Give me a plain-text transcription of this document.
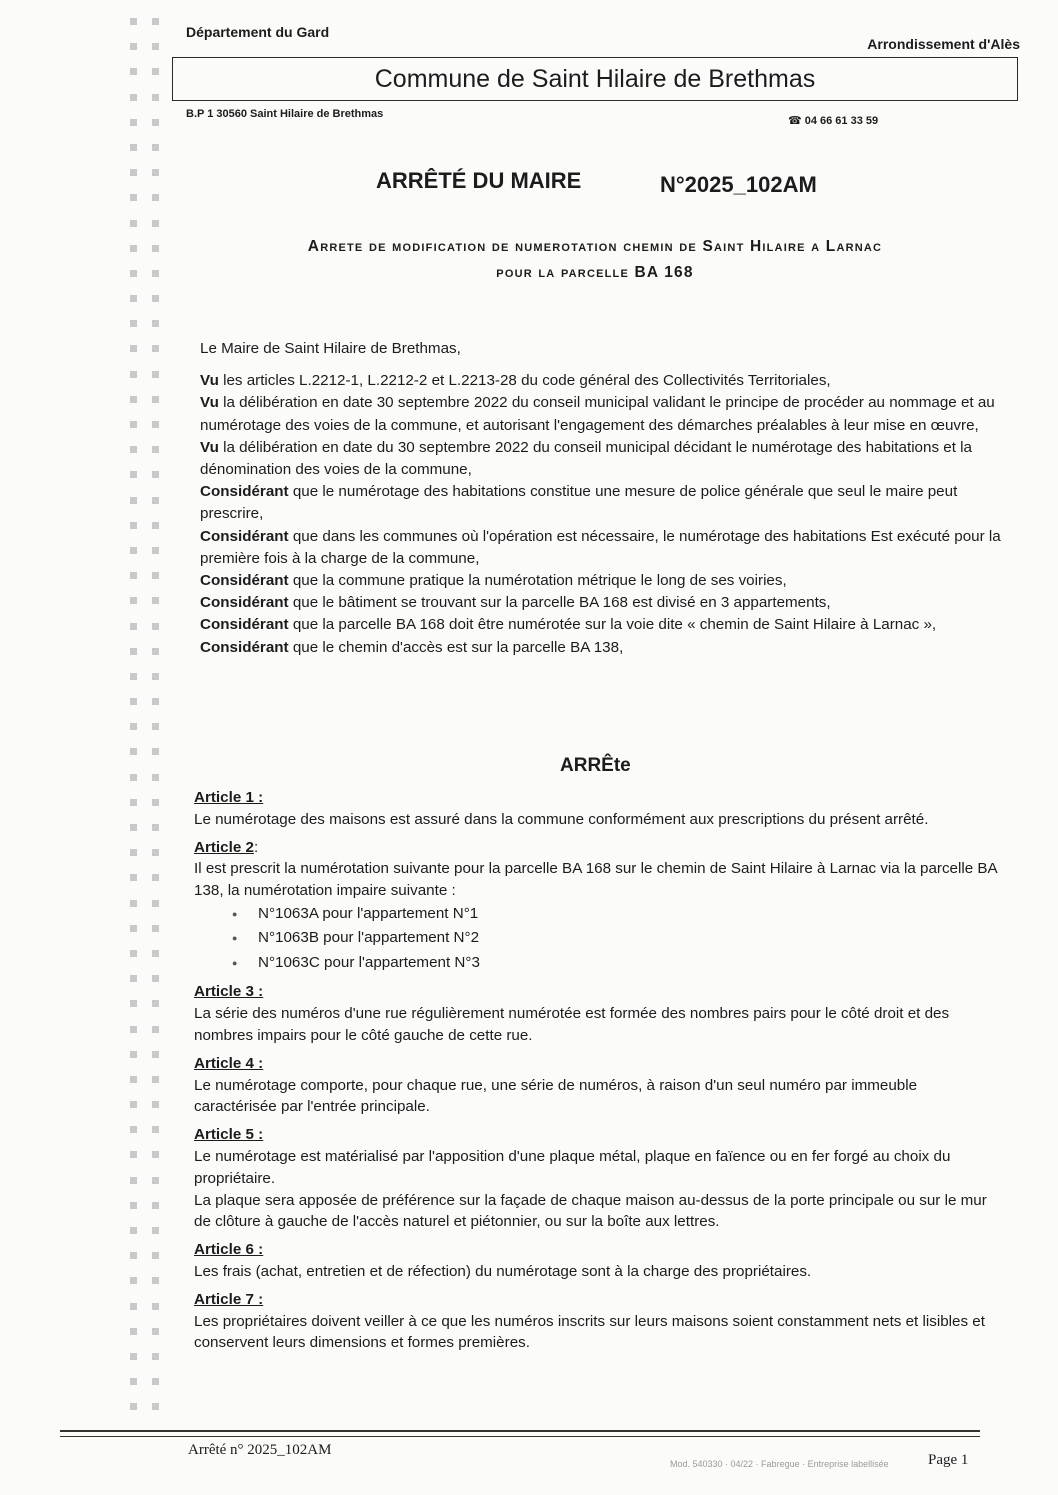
Département du Gard
Arrondissement d'Alès
Commune de Saint Hilaire de Brethmas
B.P 1 30560 Saint Hilaire de Brethmas
☎ 04 66 61 33 59
ARRÊTÉ DU MAIRE	N°2025_102AM
Arrete de modification de numerotation chemin de Saint Hilaire a Larnac
pour la parcelle BA 168

Le Maire de Saint Hilaire de Brethmas,

Vu les articles L.2212-1, L.2212-2 et L.2213-28 du code général des Collectivités Territoriales,

Vu la délibération en date 30 septembre 2022 du conseil municipal validant le principe de procéder au nommage et au numérotage des voies de la commune, et autorisant l'engagement des démarches préalables à leur mise en œuvre,

Vu la délibération en date du 30 septembre 2022 du conseil municipal décidant le numérotage des habitations et la dénomination des voies de la commune,

Considérant que le numérotage des habitations constitue une mesure de police générale que seul le maire peut prescrire,

Considérant que dans les communes où l'opération est nécessaire, le numérotage des habitations Est exécuté pour la première fois à la charge de la commune,

Considérant que la commune pratique la numérotation métrique le long de ses voiries,

Considérant que le bâtiment se trouvant sur la parcelle BA 168 est divisé en 3 appartements,

Considérant que la parcelle BA 168 doit être numérotée sur la voie dite « chemin de Saint Hilaire à Larnac »,

Considérant que le chemin d'accès est sur la parcelle BA 138,

ARRÊte

Article 1 :

Le numérotage des maisons est assuré dans la commune conformément aux prescriptions du présent arrêté.

Article 2:

Il est prescrit la numérotation suivante pour la parcelle BA 168 sur le chemin de Saint Hilaire à Larnac via la parcelle BA 138, la numérotation impaire suivante :

● N°1063A pour l'appartement N°1
● N°1063B pour l'appartement N°2
● N°1063C pour l'appartement N°3

Article 3 :

La série des numéros d'une rue régulièrement numérotée est formée des nombres pairs pour le côté droit et des nombres impairs pour le côté gauche de cette rue.

Article 4 :

Le numérotage comporte, pour chaque rue, une série de numéros, à raison d'un seul numéro par immeuble caractérisée par l'entrée principale.

Article 5 :

Le numérotage est matérialisé par l'apposition d'une plaque métal, plaque en faïence ou en fer forgé au choix du propriétaire.

La plaque sera apposée de préférence sur la façade de chaque maison au-dessus de la porte principale ou sur le mur de clôture à gauche de l'accès naturel et piétonnier, ou sur la boîte aux lettres.

Article 6 :

Les frais (achat, entretien et de réfection) du numérotage sont à la charge des propriétaires.

Article 7 :

Les propriétaires doivent veiller à ce que les numéros inscrits sur leurs maisons soient constamment nets et lisibles et conservent leurs dimensions et formes premières.

Arrêté n° 2025_102AM
Mod. 540330 · 04/22 · Fabregue · Entreprise labellisée	Page 1
